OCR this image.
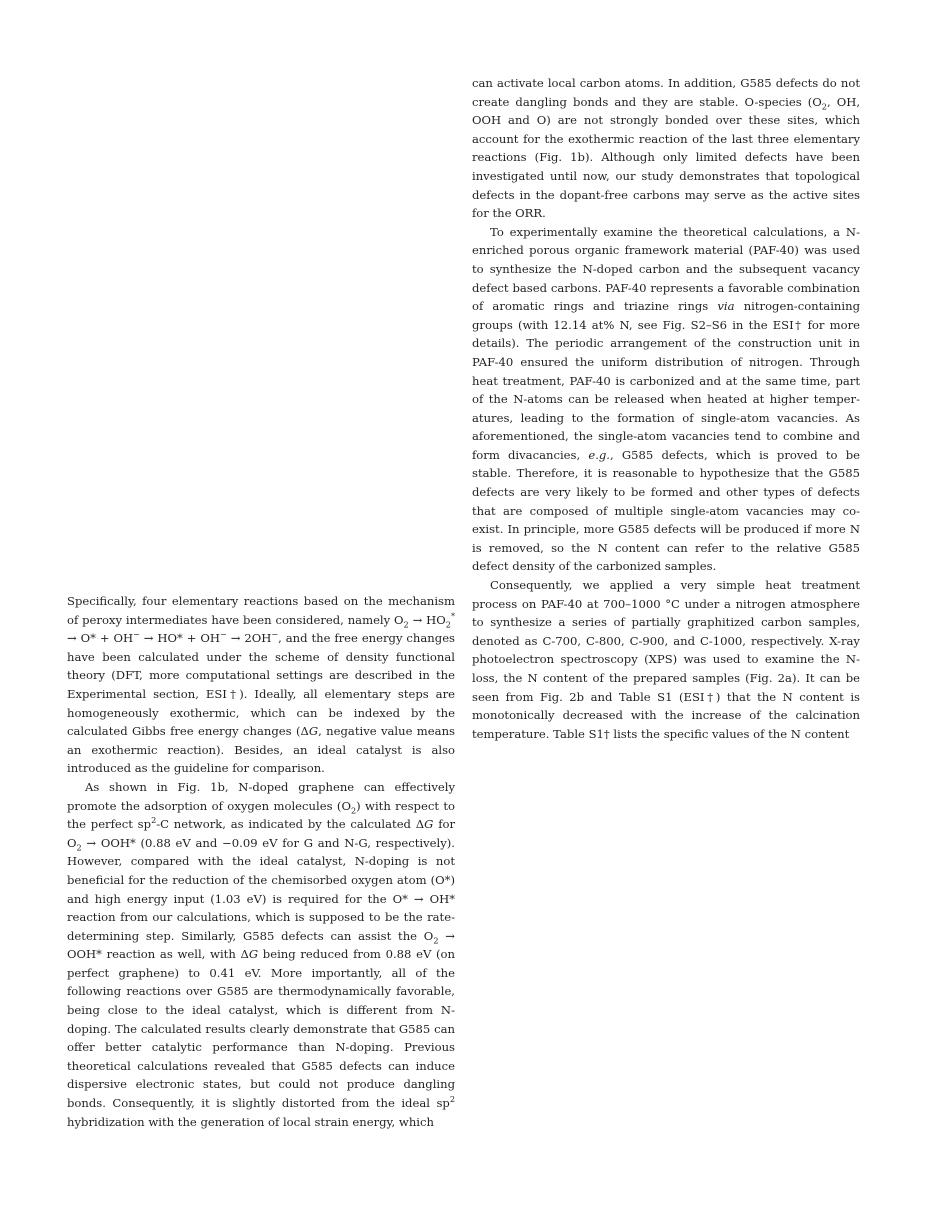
Specifically, four elementary reactions based on the mechanism of peroxy intermediates have been considered, namely $O_2 \to HO_2^* \to O* + OH^- \to HO* + OH^- \to 2OH^-$, and the free energy changes have been calculated under the scheme of density functional theory (DFT, more computational settings are described in the Experimental section, ESI†). Ideally, all elementary steps are homogeneously exothermic, which can be indexed by the calculated Gibbs free energy changes (ΔG, negative value means an exothermic reaction). Besides, an ideal catalyst is also introduced as the guideline for comparison.

As shown in Fig. 1b, N-doped graphene can effectively promote the adsorption of oxygen molecules $(O_2)$ with respect to the perfect $sp^2-C$ network, as indicated by the calculated ΔG for $O_2 \to OOH*$ (0.88 eV and −0.09 eV for G and N-G, respectively). However, compared with the ideal catalyst, N-doping is not beneficial for the reduction of the chemisorbed oxygen atom (O*) and high energy input (1.03 eV) is required for the O* → OH* reaction from our calculations, which is supposed to be the rate-determining step. Similarly, G585 defects can assist the $O_2 \to OOH*$ reaction as well, with ΔG being reduced from 0.88 eV (on perfect graphene) to 0.41 eV. More importantly, all of the following reactions over G585 are thermodynamically favorable, being close to the ideal catalyst, which is different from N-doping. The calculated results clearly demonstrate that G585 can offer better catalytic performance than N-doping. Previous theoretical calculations revealed that G585 defects can induce dispersive electronic states, but could not produce dangling bonds. Consequently, it is slightly distorted from the ideal $sp^2$ hybridization with the generation of local strain energy, which

can activate local carbon atoms. In addition, G585 defects do not create dangling bonds and they are stable. O-species ($O_2$, OH, OOH and O) are not strongly bonded over these sites, which account for the exothermic reaction of the last three elementary reactions (Fig. 1b). Although only limited defects have been investigated until now, our study demonstrates that topological defects in the dopant-free carbons may serve as the active sites for the ORR.

To experimentally examine the theoretical calculations, a N-enriched porous organic framework material (PAF-40) was used to synthesize the N-doped carbon and the subsequent vacancy defect based carbons. PAF-40 represents a favorable combination of aromatic rings and triazine rings via nitrogen-containing groups (with 12.14 at% N, see Fig. S2–S6 in the ESI† for more details). The periodic arrangement of the construction unit in PAF-40 ensured the uniform distribution of nitrogen. Through heat treatment, PAF-40 is carbonized and at the same time, part of the N-atoms can be released when heated at higher temperatures, leading to the formation of single-atom vacancies. As aforementioned, the single-atom vacancies tend to combine and form divacancies, e.g., G585 defects, which is proved to be stable. Therefore, it is reasonable to hypothesize that the G585 defects are very likely to be formed and other types of defects that are composed of multiple single-atom vacancies may co-exist. In principle, more G585 defects will be produced if more N is removed, so the N content can refer to the relative G585 defect density of the carbonized samples.

Consequently, we applied a very simple heat treatment process on PAF-40 at 700–1000 °C under a nitrogen atmosphere to synthesize a series of partially graphitized carbon samples, denoted as C-700, C-800, C-900, and C-1000, respectively. X-ray photoelectron spectroscopy (XPS) was used to examine the N-loss, the N content of the prepared samples (Fig. 2a). It can be seen from Fig. 2b and Table S1 (ESI†) that the N content is monotonically decreased with the increase of the calcination temperature. Table S1† lists the specific values of the N content
